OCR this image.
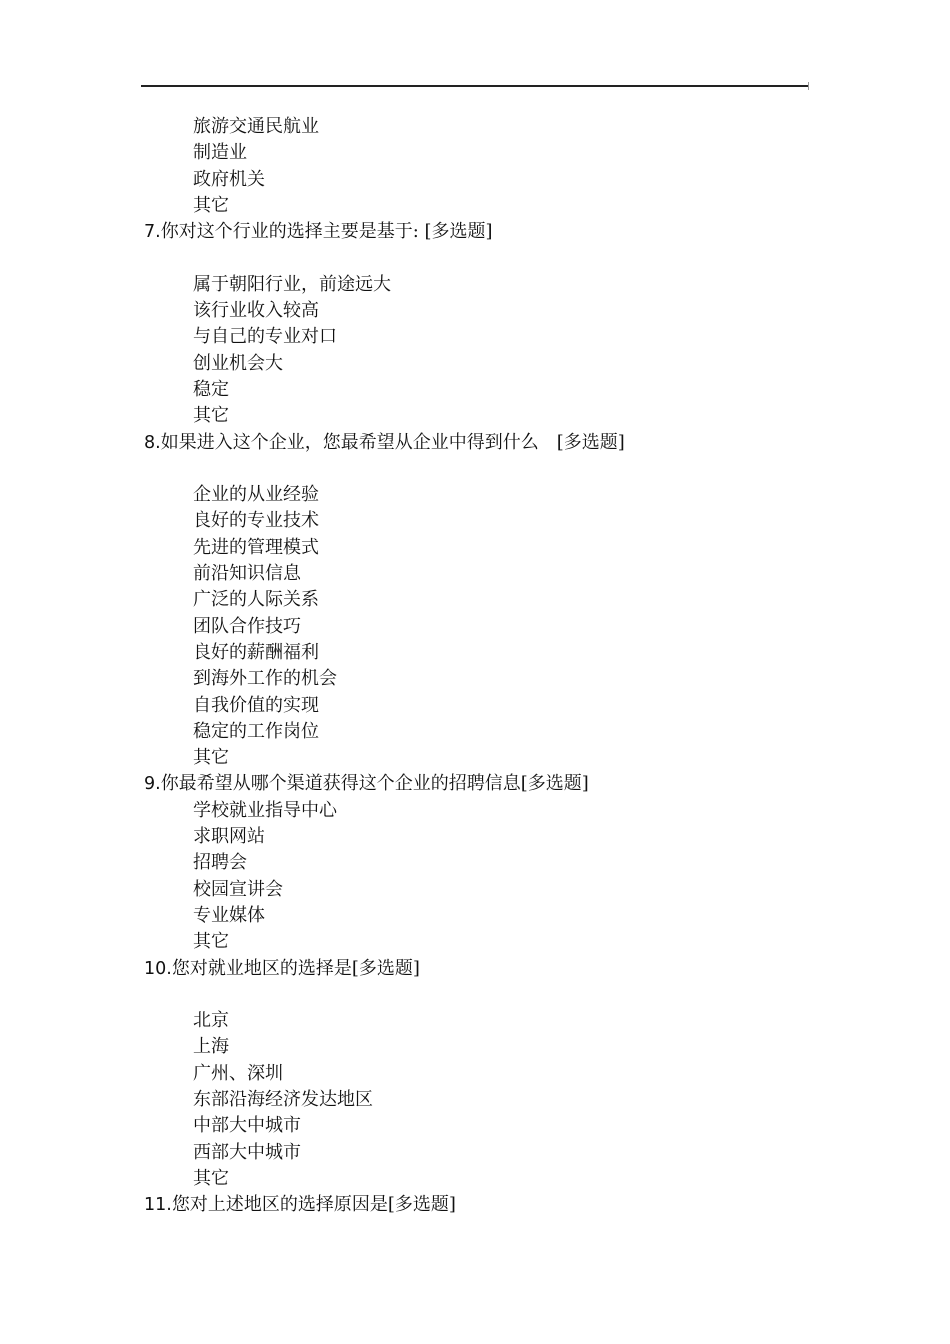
旅游交通民航业
制造业
政府机关
其它
7.你对这个行业的选择主要是基于: [多选题]
属于朝阳行业，前途远大
该行业收入较高
与自己的专业对口
创业机会大
稳定
其它
8.如果进入这个企业，您最希望从企业中得到什么　[多选题]
企业的从业经验
良好的专业技术
先进的管理模式
前沿知识信息
广泛的人际关系
团队合作技巧
良好的薪酬福利
到海外工作的机会
自我价值的实现
稳定的工作岗位
其它
9.你最希望从哪个渠道获得这个企业的招聘信息[多选题]
学校就业指导中心
求职网站
招聘会
校园宣讲会
专业媒体
其它
10.您对就业地区的选择是[多选题]
北京
上海
广州、深圳
东部沿海经济发达地区
中部大中城市
西部大中城市
其它
11.您对上述地区的选择原因是[多选题]
